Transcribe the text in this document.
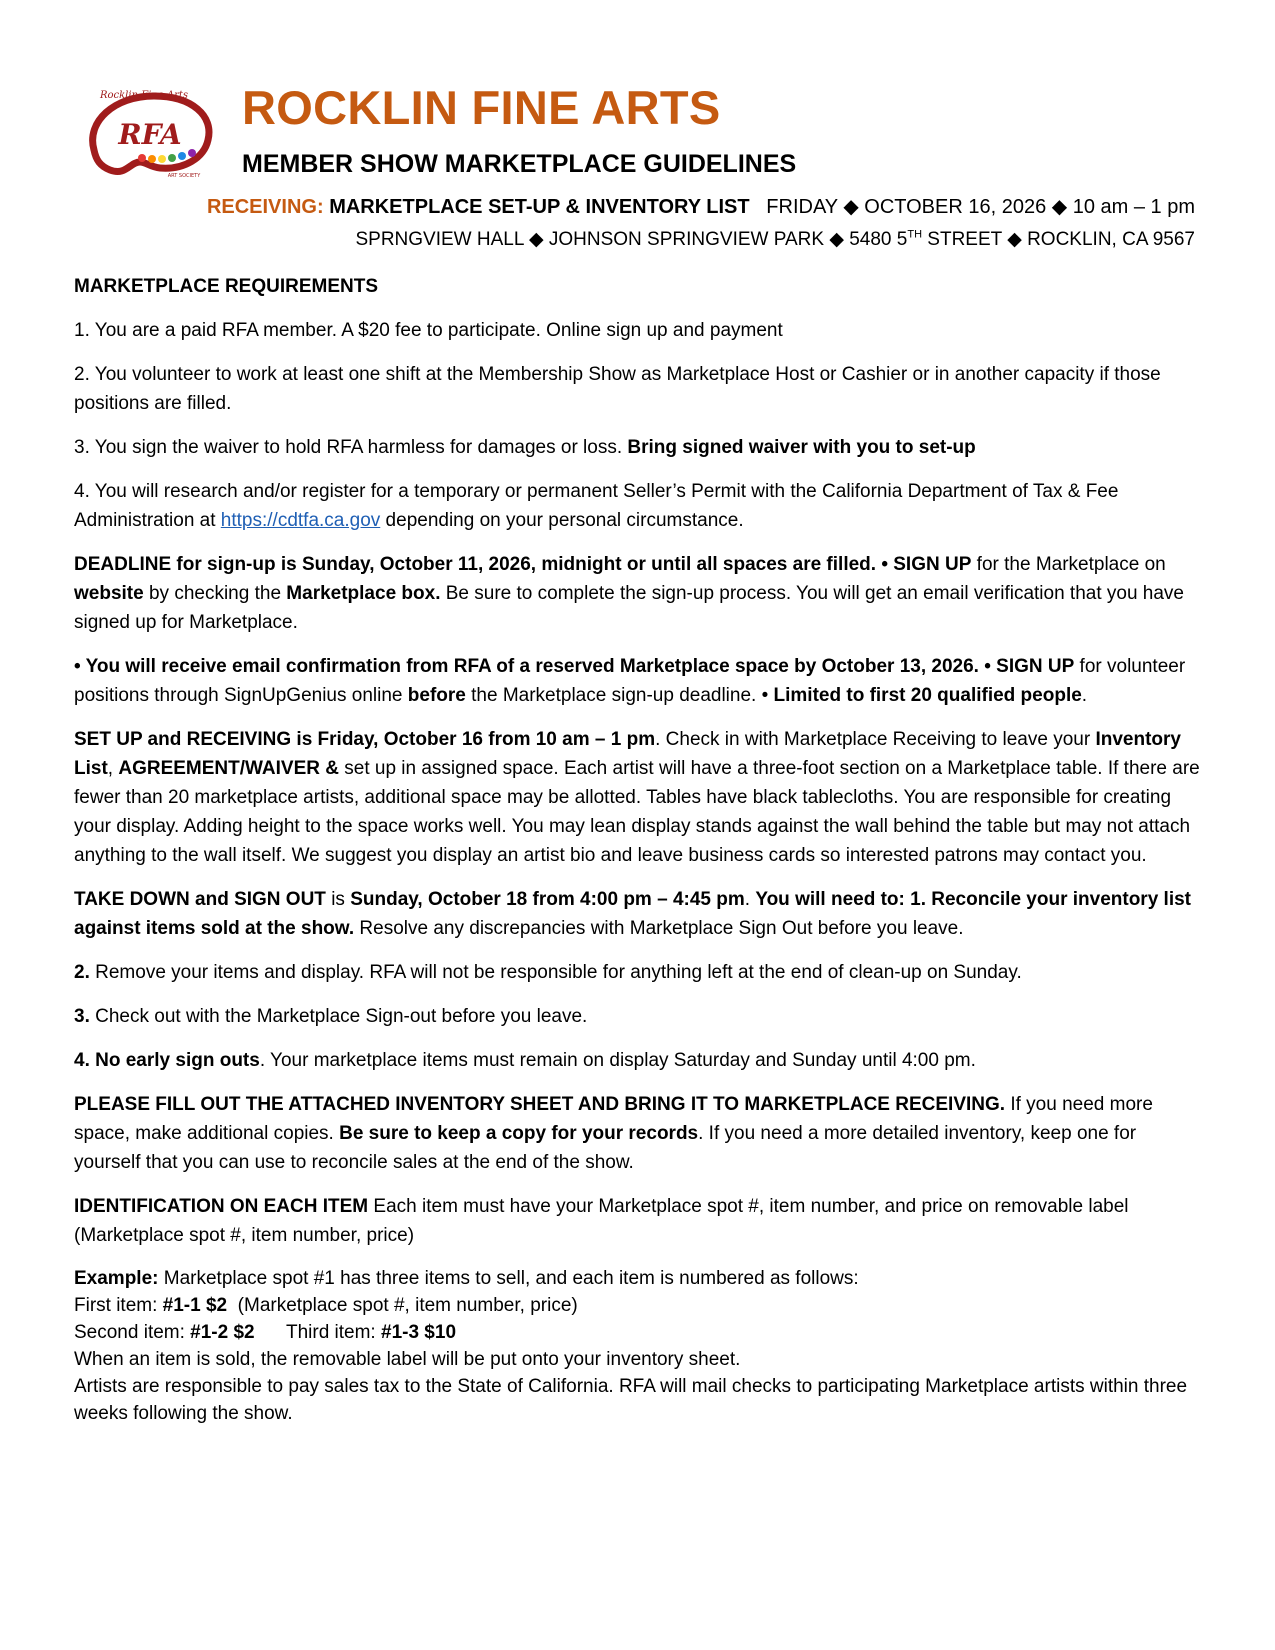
RFA
Rocklin Fine Arts
ART SOCIETY
ROCKLIN FINE ARTS
MEMBER SHOW MARKETPLACE GUIDELINES
RECEIVING: MARKETPLACE SET-UP & INVENTORY LIST FRIDAY ◆ OCTOBER 16, 2026 ◆ 10 am – 1 pm
SPRNGVIEW HALL ◆ JOHNSON SPRINGVIEW PARK ◆ 5480 5TH STREET ◆ ROCKLIN, CA 9567

MARKETPLACE REQUIREMENTS

1. You are a paid RFA member. A $20 fee to participate. Online sign up and payment

2. You volunteer to work at least one shift at the Membership Show as Marketplace Host or Cashier or in another capacity if those positions are filled.

3. You sign the waiver to hold RFA harmless for damages or loss. Bring signed waiver with you to set-up

4. You will research and/or register for a temporary or permanent Seller’s Permit with the California Department of Tax & Fee Administration at https://cdtfa.ca.gov depending on your personal circumstance.

DEADLINE for sign-up is Sunday, October 11, 2026, midnight or until all spaces are filled. • SIGN UP for the Marketplace on website by checking the Marketplace box. Be sure to complete the sign-up process. You will get an email verification that you have signed up for Marketplace.

• You will receive email confirmation from RFA of a reserved Marketplace space by October 13, 2026. • SIGN UP for volunteer positions through SignUpGenius online before the Marketplace sign-up deadline. • Limited to first 20 qualified people.

SET UP and RECEIVING is Friday, October 16 from 10 am – 1 pm. Check in with Marketplace Receiving to leave your Inventory List, AGREEMENT/WAIVER & set up in assigned space. Each artist will have a three-foot section on a Marketplace table. If there are fewer than 20 marketplace artists, additional space may be allotted. Tables have black tablecloths. You are responsible for creating your display. Adding height to the space works well. You may lean display stands against the wall behind the table but may not attach anything to the wall itself. We suggest you display an artist bio and leave business cards so interested patrons may contact you.

TAKE DOWN and SIGN OUT is Sunday, October 18 from 4:00 pm – 4:45 pm. You will need to: 1. Reconcile your inventory list against items sold at the show. Resolve any discrepancies with Marketplace Sign Out before you leave.

2. Remove your items and display. RFA will not be responsible for anything left at the end of clean-up on Sunday.

3. Check out with the Marketplace Sign-out before you leave.

4. No early sign outs. Your marketplace items must remain on display Saturday and Sunday until 4:00 pm.

PLEASE FILL OUT THE ATTACHED INVENTORY SHEET AND BRING IT TO MARKETPLACE RECEIVING. If you need more space, make additional copies. Be sure to keep a copy for your records. If you need a more detailed inventory, keep one for yourself that you can use to reconcile sales at the end of the show.

IDENTIFICATION ON EACH ITEM Each item must have your Marketplace spot #, item number, and price on removable label (Marketplace spot #, item number, price)

Example: Marketplace spot #1 has three items to sell, and each item is numbered as follows:
First item: #1-1 $2  (Marketplace spot #, item number, price)
Second item: #1-2 $2 Third item: #1-3 $10
When an item is sold, the removable label will be put onto your inventory sheet.
Artists are responsible to pay sales tax to the State of California. RFA will mail checks to participating Marketplace artists within three weeks following the show.
